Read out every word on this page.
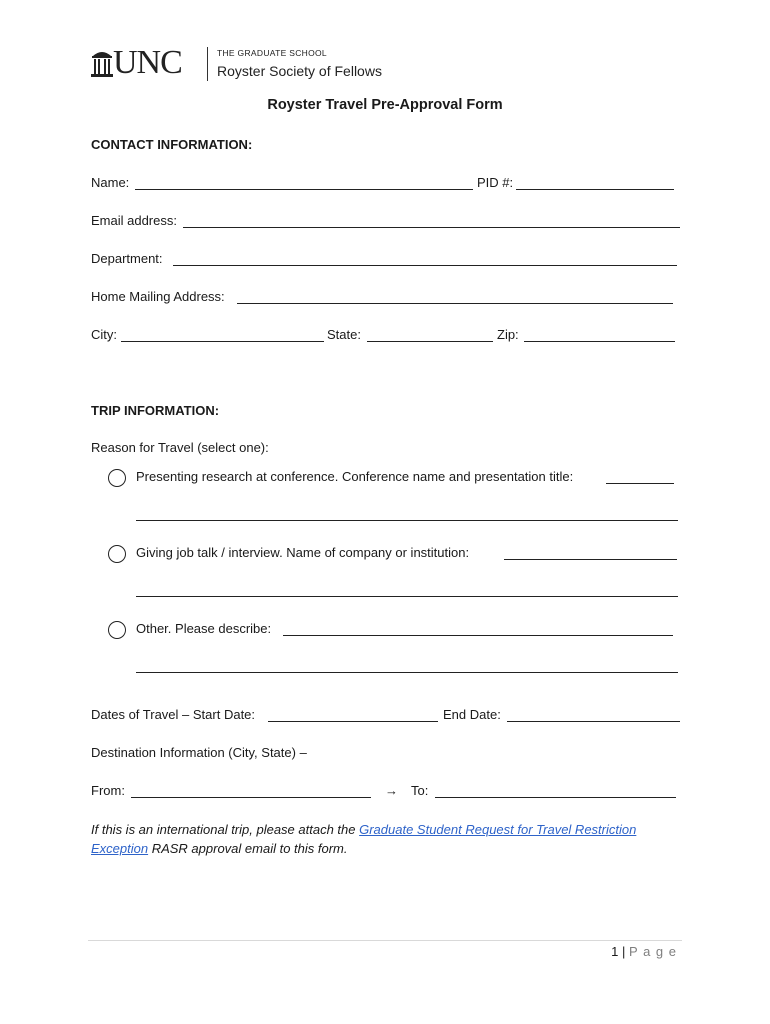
UNC	THE GRADUATE SCHOOL
Royster Society of Fellows
Royster Travel Pre-Approval Form
CONTACT INFORMATION:
Name:	PID #:
Email address:
Department:
Home Mailing Address:
City:	State:	Zip:
TRIP INFORMATION:
Reason for Travel (select one):
Presenting research at conference. Conference name and presentation title:
Giving job talk / interview. Name of company or institution:
Other. Please describe:
Dates of Travel – Start Date:	End Date:
Destination Information (City, State) –
From:	→ To:
If this is an international trip, please attach the Graduate Student Request for Travel Restriction
Exception RASR approval email to this form.
1 | P a g e
